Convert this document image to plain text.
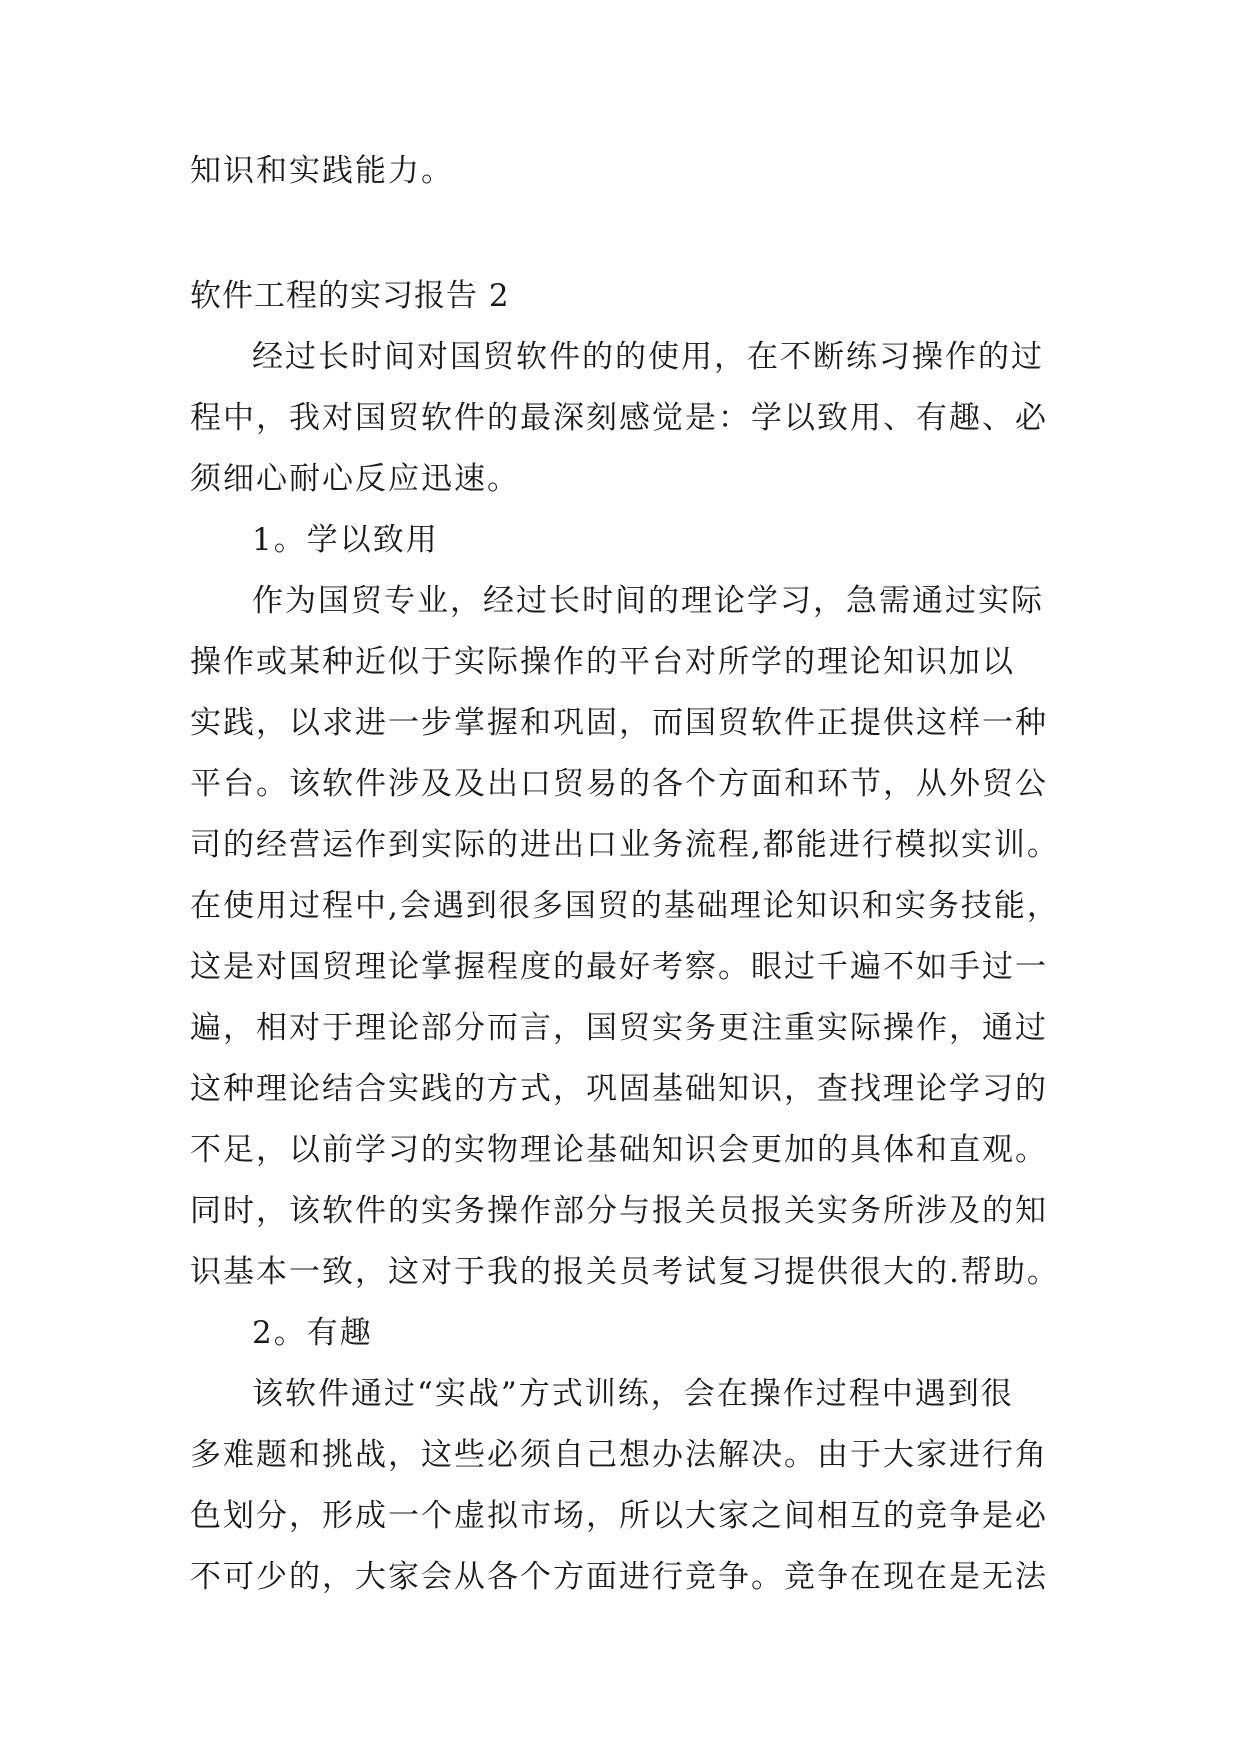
知识和实践能力。
软件工程的实习报告 2
经过长时间对国贸软件的的使用，在不断练习操作的过
程中，我对国贸软件的最深刻感觉是：学以致用、有趣、必
须细心耐心反应迅速。
1。学以致用
作为国贸专业，经过长时间的理论学习，急需通过实际
操作或某种近似于实际操作的平台对所学的理论知识加以
实践，以求进一步掌握和巩固，而国贸软件正提供这样一种
平台。该软件涉及及出口贸易的各个方面和环节，从外贸公
司的经营运作到实际的进出口业务流程,都能进行模拟实训。
在使用过程中,会遇到很多国贸的基础理论知识和实务技能，
这是对国贸理论掌握程度的最好考察。眼过千遍不如手过一
遍，相对于理论部分而言，国贸实务更注重实际操作，通过
这种理论结合实践的方式，巩固基础知识，查找理论学习的
不足，以前学习的实物理论基础知识会更加的具体和直观。
同时，该软件的实务操作部分与报关员报关实务所涉及的知
识基本一致，这对于我的报关员考试复习提供很大的.帮助。
2。有趣
该软件通过“实战”方式训练，会在操作过程中遇到很
多难题和挑战，这些必须自己想办法解决。由于大家进行角
色划分，形成一个虚拟市场，所以大家之间相互的竞争是必
不可少的，大家会从各个方面进行竞争。竞争在现在是无法
